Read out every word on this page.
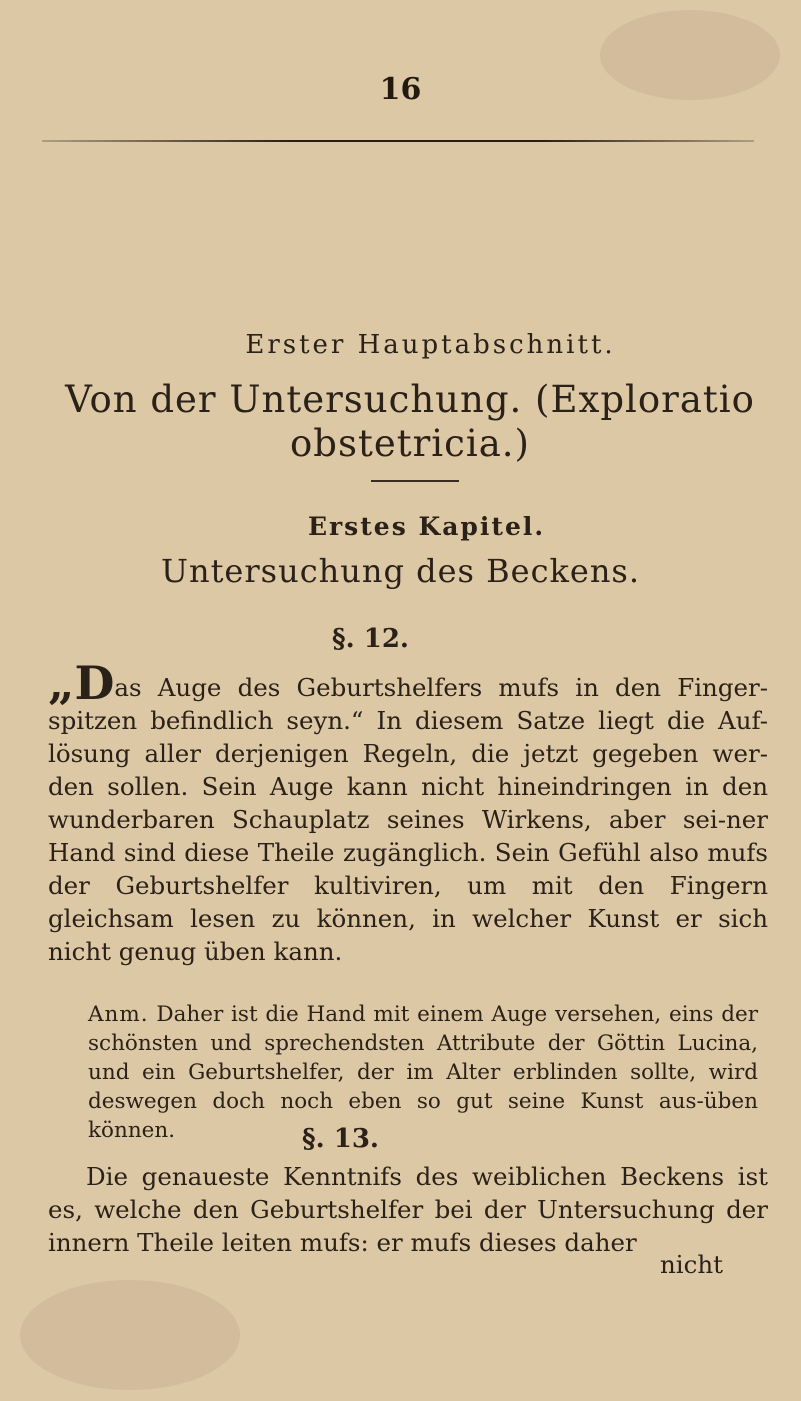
16
Erster Hauptabschnitt.
Von der Untersuchung. (Exploratio obstetricia.)
Erstes Kapitel.
Untersuchung des Beckens.
§. 12.
„Das Auge des Geburtshelfers mufs in den Finger-spitzen befindlich seyn.“ In diesem Satze liegt die Auf-lösung aller derjenigen Regeln, die jetzt gegeben wer-den sollen. Sein Auge kann nicht hineindringen in den wunderbaren Schauplatz seines Wirkens, aber sei-ner Hand sind diese Theile zugänglich. Sein Gefühl also mufs der Geburtshelfer kultiviren, um mit den Fingern gleichsam lesen zu können, in welcher Kunst er sich nicht genug üben kann.
Anm. Daher ist die Hand mit einem Auge versehen, eins der schönsten und sprechendsten Attribute der Göttin Lucina, und ein Geburtshelfer, der im Alter erblinden sollte, wird deswegen doch noch eben so gut seine Kunst aus-üben können.	§. 13.
Die genaueste Kenntnifs des weiblichen Beckens ist es, welche den Geburtshelfer bei der Untersuchung der innern Theile leiten mufs: er mufs dieses daher
nicht
